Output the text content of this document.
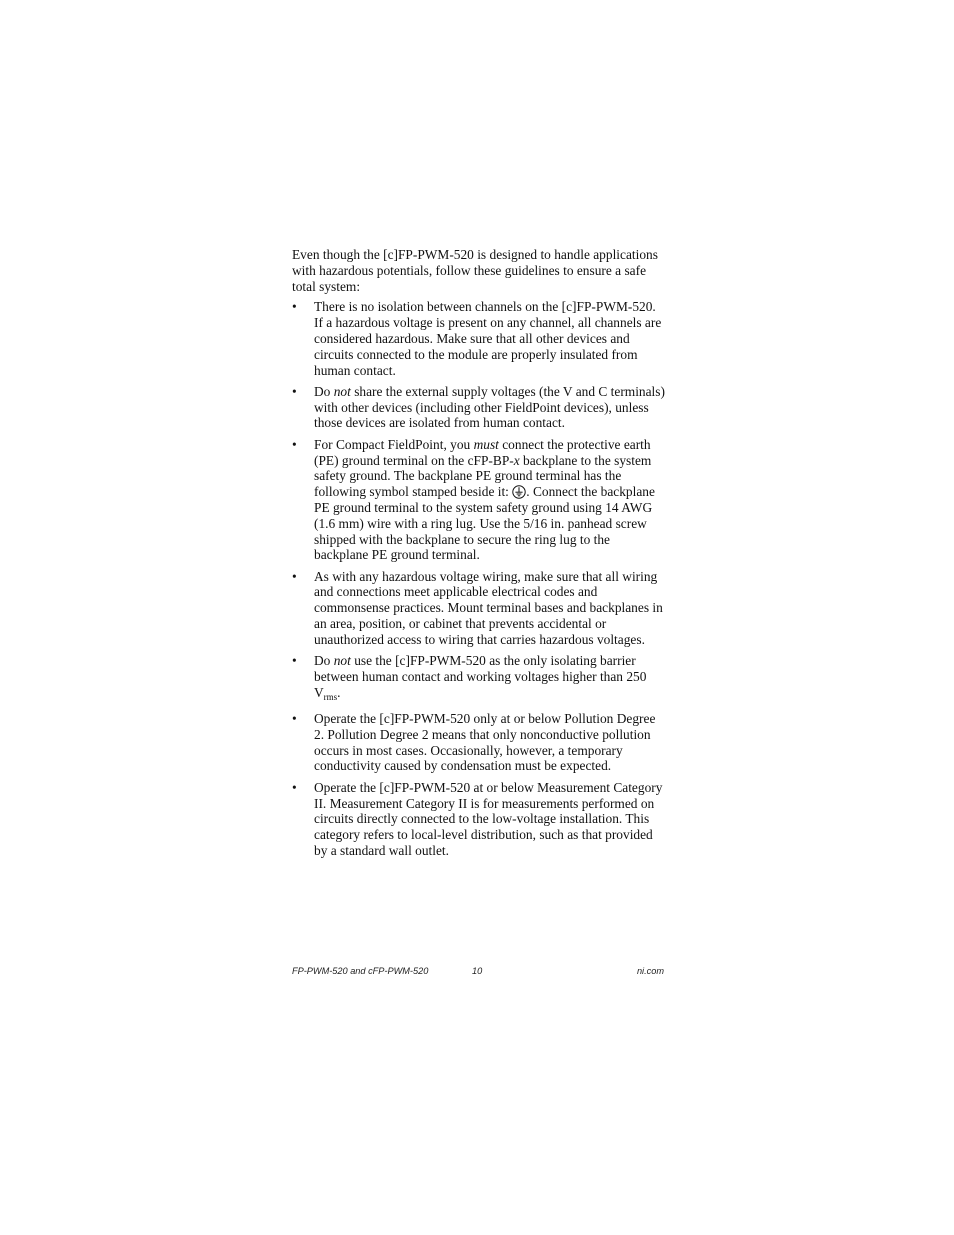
Even though the [c]FP-PWM-520 is designed to handle applications with hazardous potentials, follow these guidelines to ensure a safe total system:

•	There is no isolation between channels on the [c]FP-PWM-520. If a hazardous voltage is present on any channel, all channels are considered hazardous. Make sure that all other devices and circuits connected to the module are properly insulated from human contact.
•	Do not share the external supply voltages (the V and C terminals) with other devices (including other FieldPoint devices), unless those devices are isolated from human contact.
•	For Compact FieldPoint, you must connect the protective earth (PE) ground terminal on the cFP-BP-x backplane to the system safety ground. The backplane PE ground terminal has the following symbol stamped beside it: . Connect the backplane PE ground terminal to the system safety ground using 14 AWG (1.6 mm) wire with a ring lug. Use the 5/16 in. panhead screw shipped with the backplane to secure the ring lug to the backplane PE ground terminal.
•	As with any hazardous voltage wiring, make sure that all wiring and connections meet applicable electrical codes and commonsense practices. Mount terminal bases and backplanes in an area, position, or cabinet that prevents accidental or unauthorized access to wiring that carries hazardous voltages.
•	Do not use the [c]FP-PWM-520 as the only isolating barrier between human contact and working voltages higher than 250 $V_{rms}$.
•	Operate the [c]FP-PWM-520 only at or below Pollution Degree 2. Pollution Degree 2 means that only nonconductive pollution occurs in most cases. Occasionally, however, a temporary conductivity caused by condensation must be expected.
•	Operate the [c]FP-PWM-520 at or below Measurement Category II. Measurement Category II is for measurements performed on circuits directly connected to the low-voltage installation. This category refers to local-level distribution, such as that provided by a standard wall outlet.
FP-PWM-520 and cFP-PWM-520	10	ni.com
